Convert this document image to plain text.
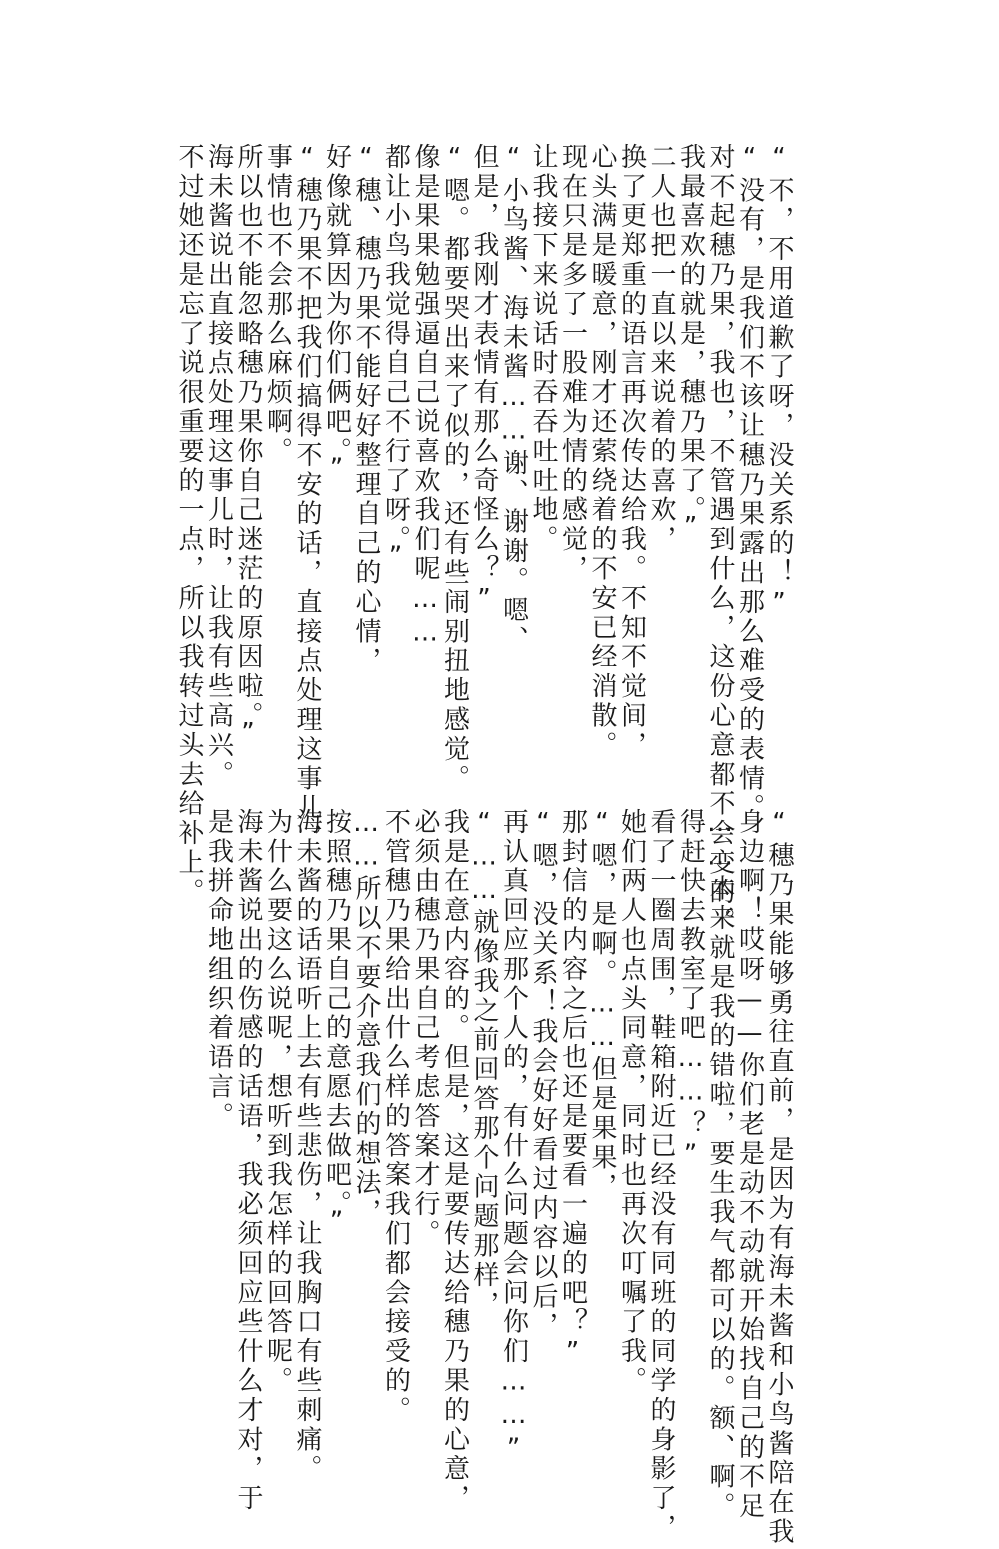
“不，不用道歉了呀，没关系的！”

“没有，是我们不该让穗乃果露出那么难受的表情。

对不起穗乃果，我也，不管遇到什么，这份心意都不会变的。

我最喜欢的就是，穗乃果了。”

二人也把一直以来说着的喜欢，

换了更郑重的语言再次传达给我。不知不觉间，

心头满是暖意，刚才还萦绕着的不安已经消散。

现在只是多了一股难为情的感觉，

让我接下来说话时吞吞吐吐地。

“小鸟酱、海未酱……谢、谢谢。嗯、

但是，我刚才表情有那么奇怪么？”

“嗯。都要哭出来了似的，还有些闹别扭地感觉。

像是果果勉强逼自己说喜欢我们呢……

都让小鸟我觉得自己不行了呀。”

“穗、穗乃果不能好好整理自己的心情，

好像就算因为你们俩吧。”

“穗乃果不把我们搞得不安的话，直接点处理这事儿，

事情也不会那么麻烦啊。

所以也不能忽略穗乃果你自己迷茫的原因啦。”

海未酱说出直接点处理这事儿时，让我有些高兴。

不过她还是忘了说很重要的一点，所以我转过头去给补上。

“穗乃果能够勇往直前，是因为有海未酱和小鸟酱陪在我

身边啊！哎呀——你们老是动不动就开始找自己的不足

……本来就是我的错啦，要生我气都可以的。额、啊。

得赶快去教室了吧……？”

看了一圈周围，鞋箱附近已经没有同班的同学的身影了，

她们两人也点头同意，同时也再次叮嘱了我。

“嗯，是啊。……但是果果，

那封信的内容之后也还是要看一遍的吧？”

“嗯，没关系！我会好好看过内容以后，

再认真回应那个人的，有什么问题会问你们……”

“……就像我之前回答那个问题那样，

我是在意内容的。但是，这是要传达给穗乃果的心意，

必须由穗乃果自己考虑答案才行。

不管穗乃果给出什么样的答案我们都会接受的。

……所以不要介意我们的想法，

按照穗乃果自己的意愿去做吧。”

海未酱的话语听上去有些悲伤，让我胸口有些刺痛。

为什么要这么说呢，想听到我怎样的回答呢。

海未酱说出的伤感的话语，我必须回应些什么才对，于

是我拼命地组织着语言。
